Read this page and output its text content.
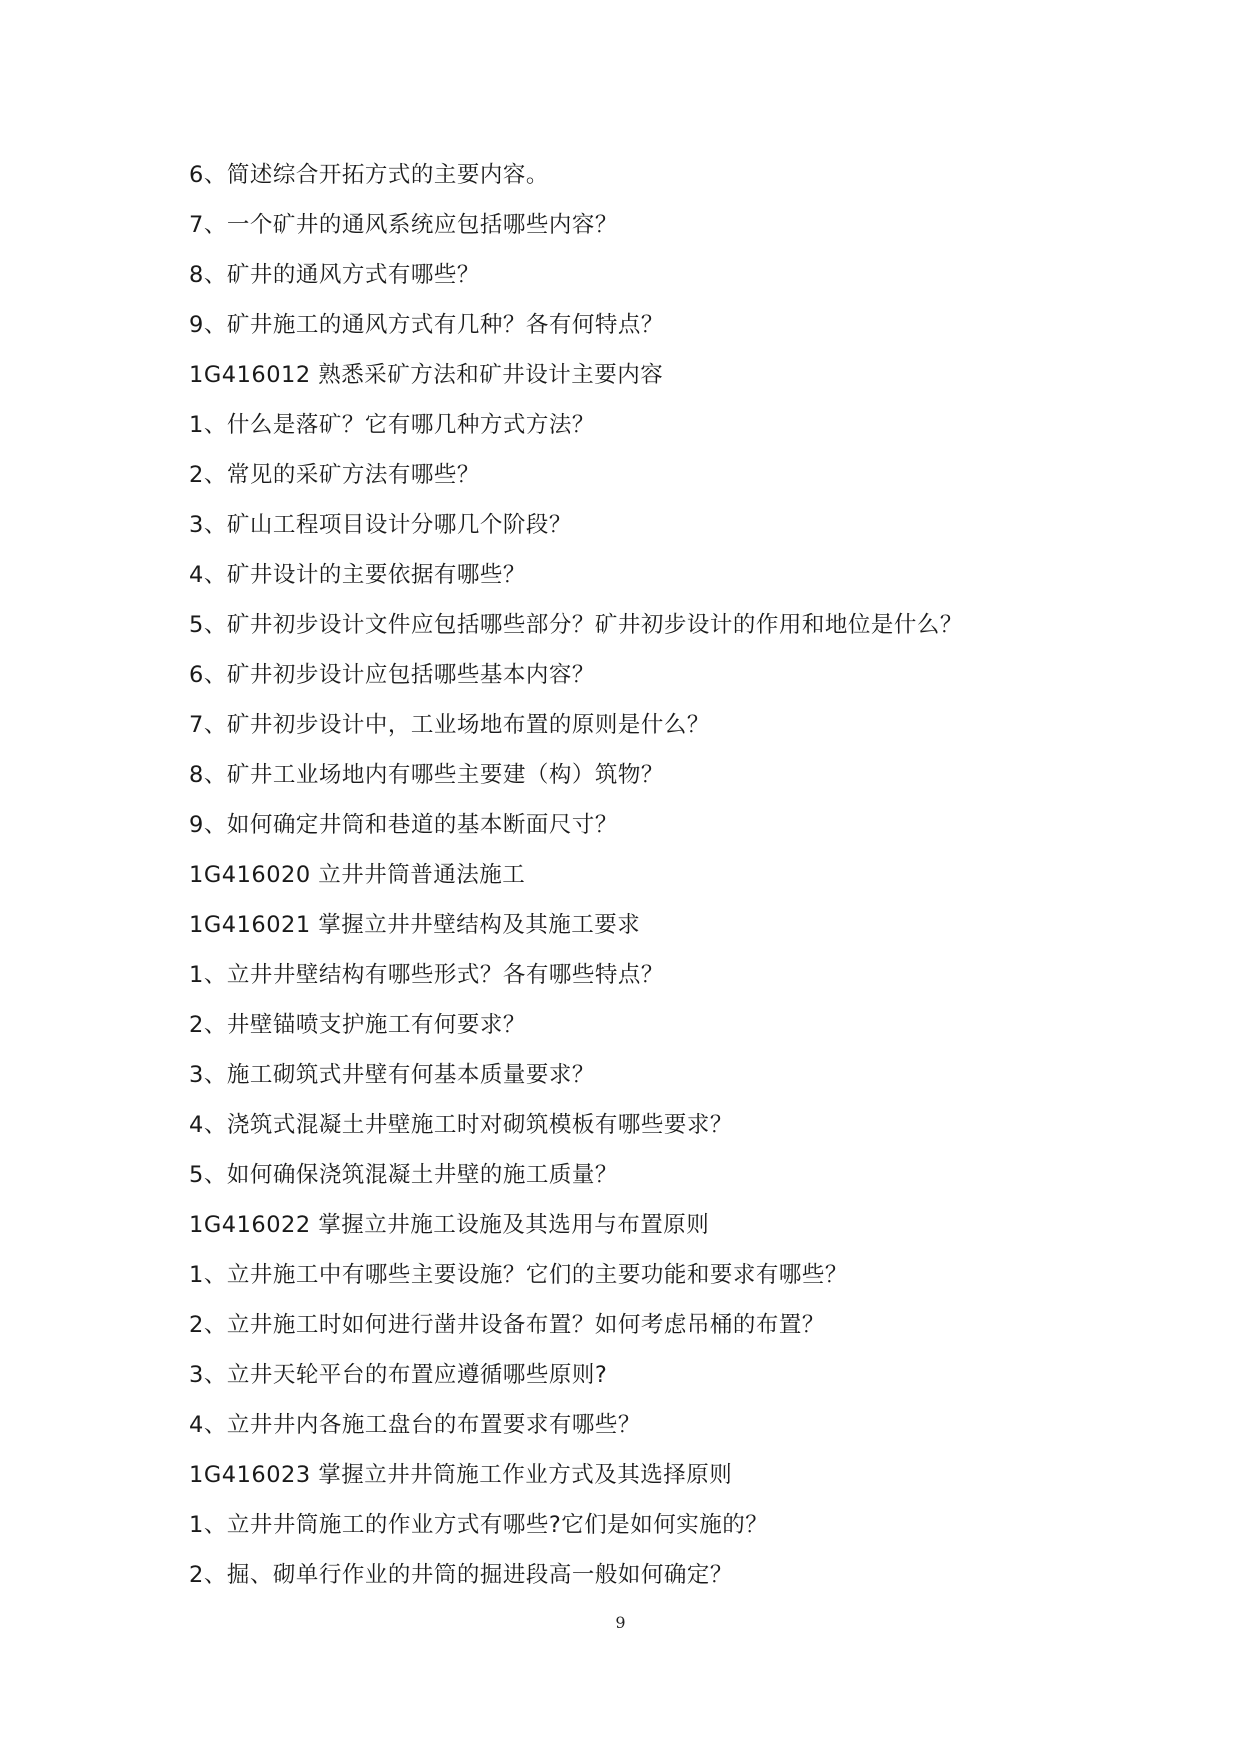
6、简述综合开拓方式的主要内容。
7、一个矿井的通风系统应包括哪些内容？
8、矿井的通风方式有哪些？
9、矿井施工的通风方式有几种？各有何特点？
1G416012 熟悉采矿方法和矿井设计主要内容
1、什么是落矿？它有哪几种方式方法？
2、常见的采矿方法有哪些？
3、矿山工程项目设计分哪几个阶段？
4、矿井设计的主要依据有哪些？
5、矿井初步设计文件应包括哪些部分？矿井初步设计的作用和地位是什么？
6、矿井初步设计应包括哪些基本内容？
7、矿井初步设计中，工业场地布置的原则是什么？
8、矿井工业场地内有哪些主要建（构）筑物？
9、如何确定井筒和巷道的基本断面尺寸？
1G416020 立井井筒普通法施工
1G416021 掌握立井井壁结构及其施工要求
1、立井井壁结构有哪些形式？各有哪些特点？
2、井壁锚喷支护施工有何要求？
3、施工砌筑式井壁有何基本质量要求？
4、浇筑式混凝土井壁施工时对砌筑模板有哪些要求？
5、如何确保浇筑混凝土井壁的施工质量？
1G416022 掌握立井施工设施及其选用与布置原则
1、立井施工中有哪些主要设施？它们的主要功能和要求有哪些？
2、立井施工时如何进行凿井设备布置？如何考虑吊桶的布置？
3、立井天轮平台的布置应遵循哪些原则?
4、立井井内各施工盘台的布置要求有哪些？
1G416023 掌握立井井筒施工作业方式及其选择原则
1、立井井筒施工的作业方式有哪些?它们是如何实施的？
2、掘、砌单行作业的井筒的掘进段高一般如何确定？
9
